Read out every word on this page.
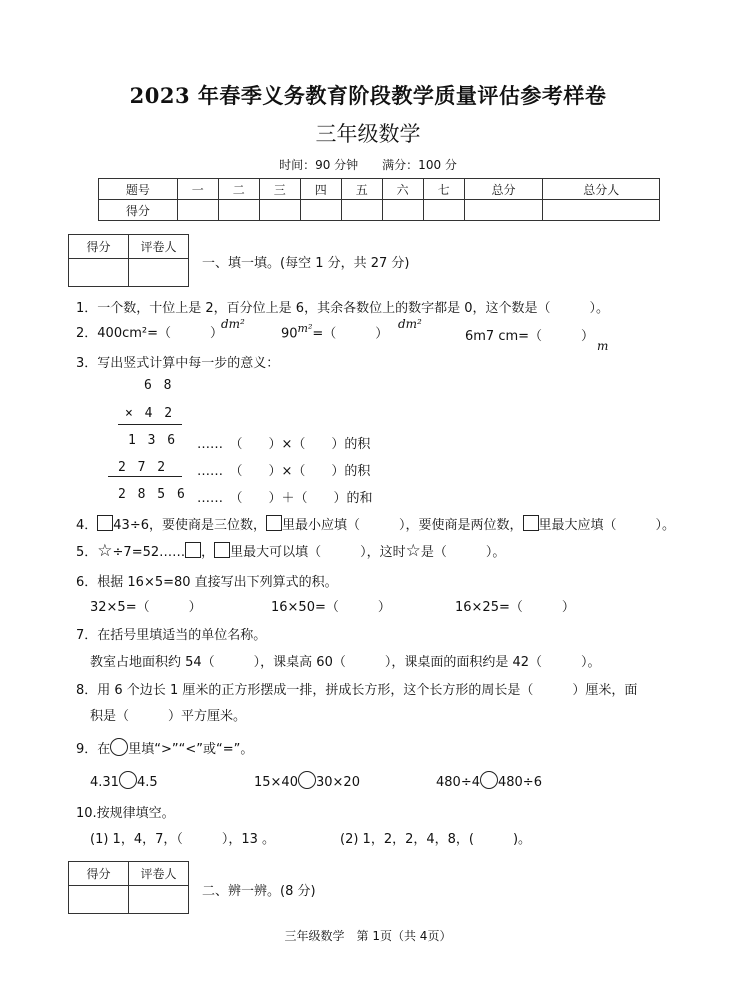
2023 年春季义务教育阶段教学质量评估参考样卷
三年级数学
时间：90 分钟　　满分：100 分
题号	一	二	三	四	五	六	七	总分	总分人
得分									
得分	评卷人

一、填一填。(每空 1 分，共 27 分)
1．一个数，十位上是 2，百分位上是 6，其余各数位上的数字都是 0，这个数是（　　　）。
2．400cm²=（　　　）
dm²
$90^{m^2}=$（　　　）
dm²
6m7 cm=（　　　）
m
3．写出竖式计算中每一步的意义：
6 8
× 4 2
1 3 6 ……　（　　）×（　　）的积
2 7 2 ……　（　　）×（　　）的积
2 8 5 6 ……　（　　）＋（　　）的和
4． 43÷6，要使商是三位数， 里最小应填（　　　），要使商是两位数， 里最大应填（　　　）。
5．☆÷7=52…… ， 里最大可以填（　　　），这时☆是（　　　）。
6．根据 16×5=80 直接写出下列算式的积。
32×5=（　　　）	16×50=（　　　）	16×25=（　　　）
7．在括号里填适当的单位名称。
教室占地面积约 54（　　　），课桌高 60（　　　），课桌面的面积约是 42（　　　）。
8．用 6 个边长 1 厘米的正方形摆成一排，拼成长方形，这个长方形的周长是（　　　）厘米，面
积是（　　　）平方厘米。
9．在 里填“>”“<”或“=”。
4.31 4.5	15×40 30×20	480÷4 480÷6
10.按规律填空。
(1) 1，4，7，（　　　），13 。	(2) 1，2，2，4，8，(　　　)。
得分	评卷人

二、辨一辨。(8 分)
三年级数学　第 1页（共 4页）
